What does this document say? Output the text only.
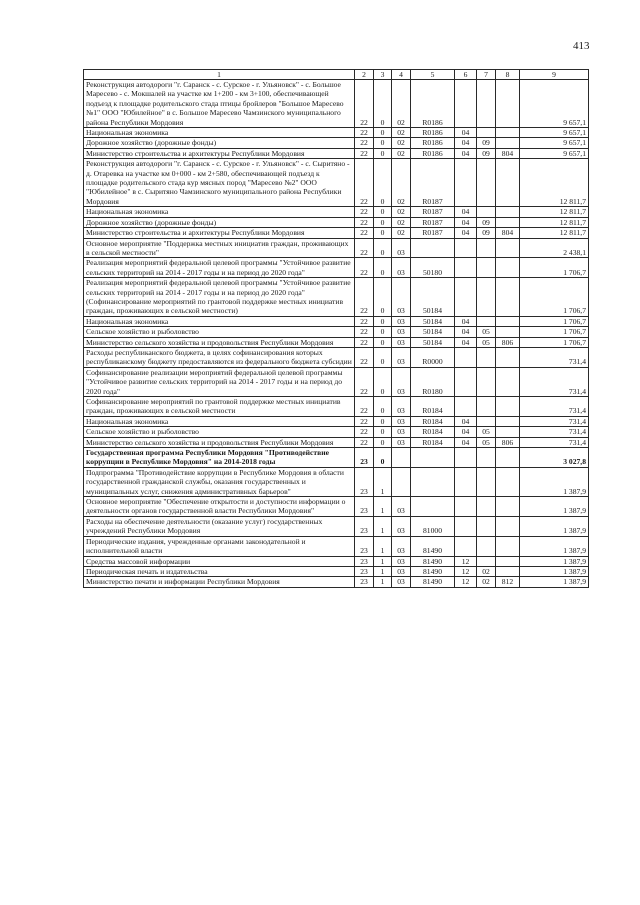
413
1	2	3	4	5	6	7	8	9
Реконструкция автодороги "г. Саранск - с. Сурское - г. Ульяновск" - с. Большое Маресево - с. Мокшалей на участке км 1+200 - км 3+100, обеспечивающей подъезд к площадке родительского стада птицы бройлеров "Большое Маресево №1" ООО "Юбилейное" в с. Большое Маресево Чамзинского муниципального района Республики Мордовия	22	0	02	R0186				9 657,1
Национальная экономика	22	0	02	R0186	04			9 657,1
Дорожное хозяйство (дорожные фонды)	22	0	02	R0186	04	09		9 657,1
Министерство строительства и архитектуры Республики Мордовия	22	0	02	R0186	04	09	804	9 657,1
Реконструкция автодороги "г. Саранск - с. Сурское - г. Ульяновск" - с. Сыритяно - д. Отаревка на участке км 0+000 - км 2+580, обеспечивающей подъезд к площадке родительского стада кур мясных пород "Маресево №2" ООО "Юбилейное" в с. Сыритяно Чамзинского муниципального района Республики Мордовия	22	0	02	R0187				12 811,7
Национальная экономика	22	0	02	R0187	04			12 811,7
Дорожное хозяйство (дорожные фонды)	22	0	02	R0187	04	09		12 811,7
Министерство строительства и архитектуры Республики Мордовия	22	0	02	R0187	04	09	804	12 811,7
Основное мероприятие "Поддержка местных инициатив граждан, проживающих в сельской местности"	22	0	03					2 438,1
Реализация мероприятий федеральной целевой программы "Устойчивое развитие сельских территорий на 2014 - 2017 годы и на период до 2020 года"	22	0	03	50180				1 706,7
Реализация мероприятий федеральной целевой программы "Устойчивое развитие сельских территорий на 2014 - 2017 годы и на период до 2020 года" (Софинансирование мероприятий по грантовой поддержке местных инициатив граждан, проживающих в сельской местности)	22	0	03	50184				1 706,7
Национальная экономика	22	0	03	50184	04			1 706,7
Сельское хозяйство и рыболовство	22	0	03	50184	04	05		1 706,7
Министерство сельского хозяйства и продовольствия Республики Мордовия	22	0	03	50184	04	05	806	1 706,7
Расходы республиканского бюджета, в целях софинансирования которых республиканскому бюджету предоставляются из федерального бюджета субсидии	22	0	03	R0000				731,4
Софинансирование реализации мероприятий федеральной целевой программы "Устойчивое развитие сельских территорий на 2014 - 2017 годы и на период до 2020 года"	22	0	03	R0180				731,4
Софинансирование мероприятий по грантовой поддержке местных инициатив граждан, проживающих в сельской местности	22	0	03	R0184				731,4
Национальная экономика	22	0	03	R0184	04			731,4
Сельское хозяйство и рыболовство	22	0	03	R0184	04	05		731,4
Министерство сельского хозяйства и продовольствия Республики Мордовия	22	0	03	R0184	04	05	806	731,4
Государственная программа Республики Мордовия "Противодействие коррупции в Республике Мордовия" на 2014-2018 годы	23	0						3 027,8
Подпрограмма "Противодействие коррупции в Республике Мордовия в области государственной гражданской службы, оказания государственных и муниципальных услуг, снижения административных барьеров"	23	1						1 387,9
Основное мероприятие "Обеспечение открытости и доступности информации о деятельности органов государственной власти Республики Мордовия"	23	1	03					1 387,9
Расходы на обеспечение деятельности (оказание услуг) государственных учреждений Республики Мордовия	23	1	03	81000				1 387,9
Периодические издания, учрежденные органами законодательной и исполнительной власти	23	1	03	81490				1 387,9
Средства массовой информации	23	1	03	81490	12			1 387,9
Периодическая печать и издательства	23	1	03	81490	12	02		1 387,9
Министерство печати и информации Республики Мордовия	23	1	03	81490	12	02	812	1 387,9
